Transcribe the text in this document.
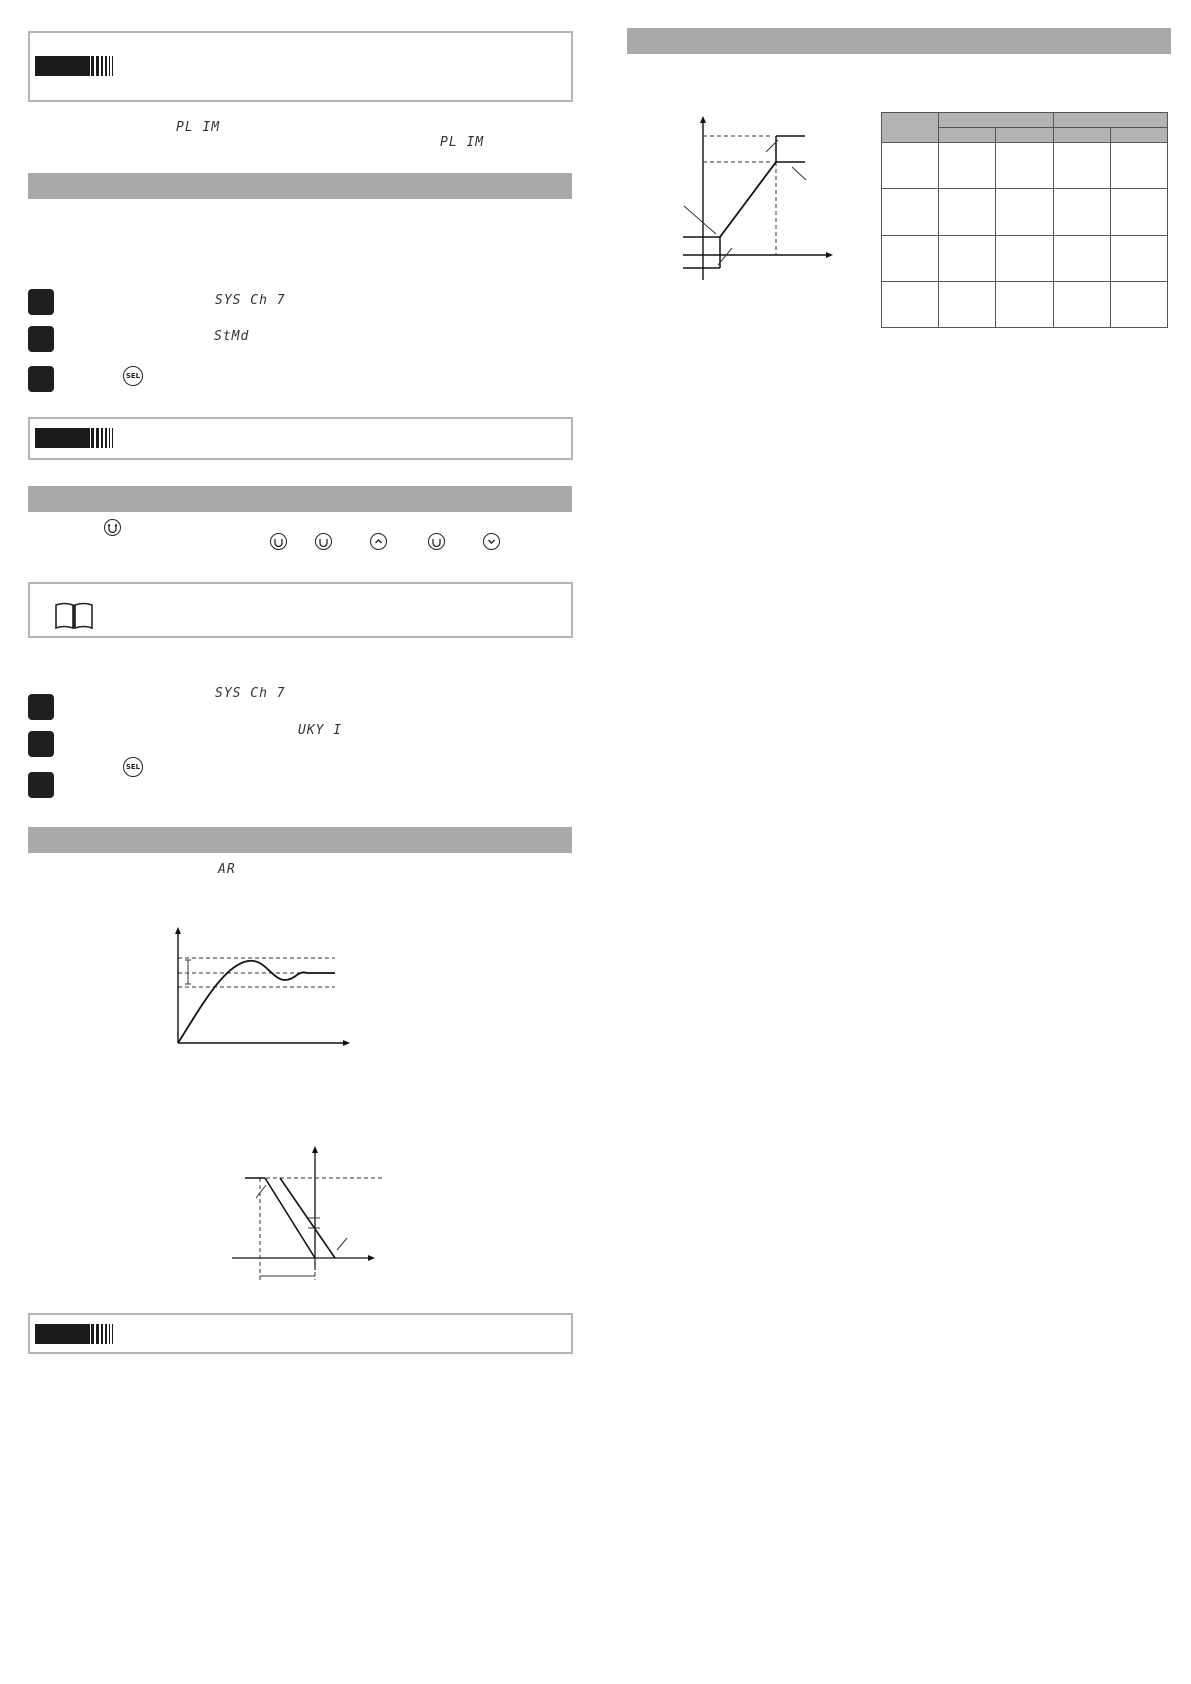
PL IM
PL IM
SYS Ch 7
StMd
SEL
SYS Ch 7
UKY I
SEL
AR
